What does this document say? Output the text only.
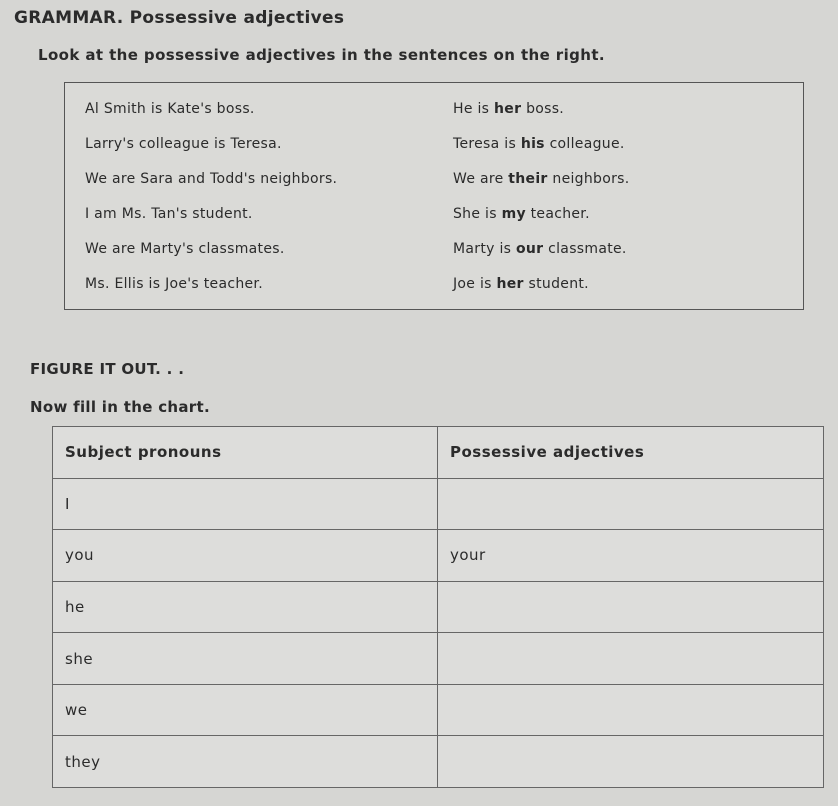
GRAMMAR. Possessive adjectives
Look at the possessive adjectives in the sentences on the right.
Al Smith is Kate's boss.	He is her boss.
Larry's colleague is Teresa.	Teresa is his colleague.
We are Sara and Todd's neighbors.	We are their neighbors.
I am Ms. Tan's student.	She is my teacher.
We are Marty's classmates.	Marty is our classmate.
Ms. Ellis is Joe's teacher.	Joe is her student.
FIGURE IT OUT. . .
Now fill in the chart.
Subject pronouns	Possessive adjectives
I	
you	your
he	
she	
we	
they	
